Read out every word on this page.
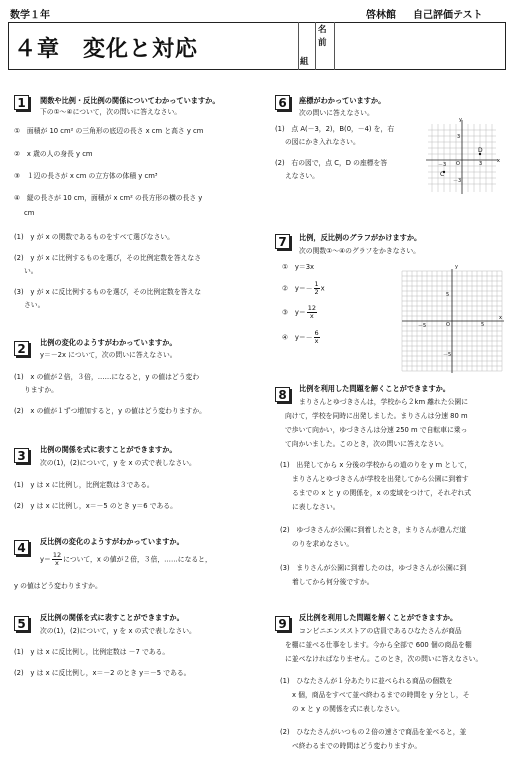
数学１年	啓林館 自己評価テスト
４章　変化と対応	組
名前
1	関数や比例・反比例の関係についてわかっていますか。
下の①～④について，次の問いに答えなさい。
①　面積が 10 cm² の三角形の底辺の長さ x cm と高さ y cm
②　x 歳の人の身長 y cm
③　１辺の長さが x cm の立方体の体積 y cm³
④　縦の長さが 10 cm，面積が x cm² の長方形の横の長さ y
cm
(1)　y が x の関数であるものをすべて選びなさい。
(2)　y が x に比例するものを選び，その比例定数を答えなさ
い。
(3)　y が x に反比例するものを選び，その比例定数を答えな
さい。
2	比例の変化のようすがわかっていますか。
y＝－2x について，次の問いに答えなさい。
(1)　x の値が２倍，３倍，……になると，y の値はどう変わ
りますか。
(2)　x の値が１ずつ増加すると，y の値はどう変わりますか。
3	比例の関係を式に表すことができますか。
次の(1)，(2)について，y を x の式で表しなさい。
(1)　y は x に比例し，比例定数は３である。
(2)　y は x に比例し，x＝－5 のとき y＝6 である。
4	反比例の変化のようすがわかっていますか。
$y= \frac{12}{x}$ について，x の値が２倍，３倍，……になると，
y の値はどう変わりますか。
5	反比例の関係を式に表すことができますか。
次の(1)，(2)について，y を x の式で表しなさい。
(1)　y は x に反比例し，比例定数は －7 である。
(2)　y は x に反比例し，x＝－2 のとき y＝－5 である。
6	座標がわかっていますか。
次の問いに答えなさい。
(1)　点 A(－3，2)，B(0，－4) を，右
の図にかき入れなさい。
(2)　右の図で，点 C，D の座標を答
えなさい。
y
x
O
3
－3
－3	3
C
D
7	比例，反比例のグラフがかけますか。
次の関数①～④のグラフをかきなさい。
①　y＝3x
②　$y=- \frac{1}{2}$ x
③　$y= \frac{12}{x}$
④　$y=- \frac{6}{x}$
y
x
O
5
－5
－5	5
8	比例を利用した問題を解くことができますか。
まりさんとゆづきさんは，学校から２km 離れた公園に
向けて，学校を同時に出発しました。まりさんは分速 80 m
で歩いて向かい，ゆづきさんは分速 250 m で自転車に乗っ
て向かいました。このとき，次の問いに答えなさい。
(1)　出発してから x 分後の学校からの道のりを y m として，
まりさんとゆづきさんが学校を出発してから公園に到着す
るまでの x と y の関係を，x の変域をつけて，それぞれ式
に表しなさい。
(2)　ゆづきさんが公園に到着したとき，まりさんが進んだ道
のりを求めなさい。
(3)　まりさんが公園に到着したのは，ゆづきさんが公園に到
着してから何分後ですか。
9	反比例を利用した問題を解くことができますか。
コンビニエンスストアの店員であるひなたさんが商品
を棚に並べる仕事をします。今から全部で 600 個の商品を棚
に並べなければなりません。このとき，次の問いに答えなさい。
(1)　ひなたさんが１分あたりに並べられる商品の個数を
x 個，商品をすべて並べ終わるまでの時間を y 分とし，そ
の x と y の関係を式に表しなさい。
(2)　ひなたさんがいつもの２倍の速さで商品を並べると，並
べ終わるまでの時間はどう変わりますか。
